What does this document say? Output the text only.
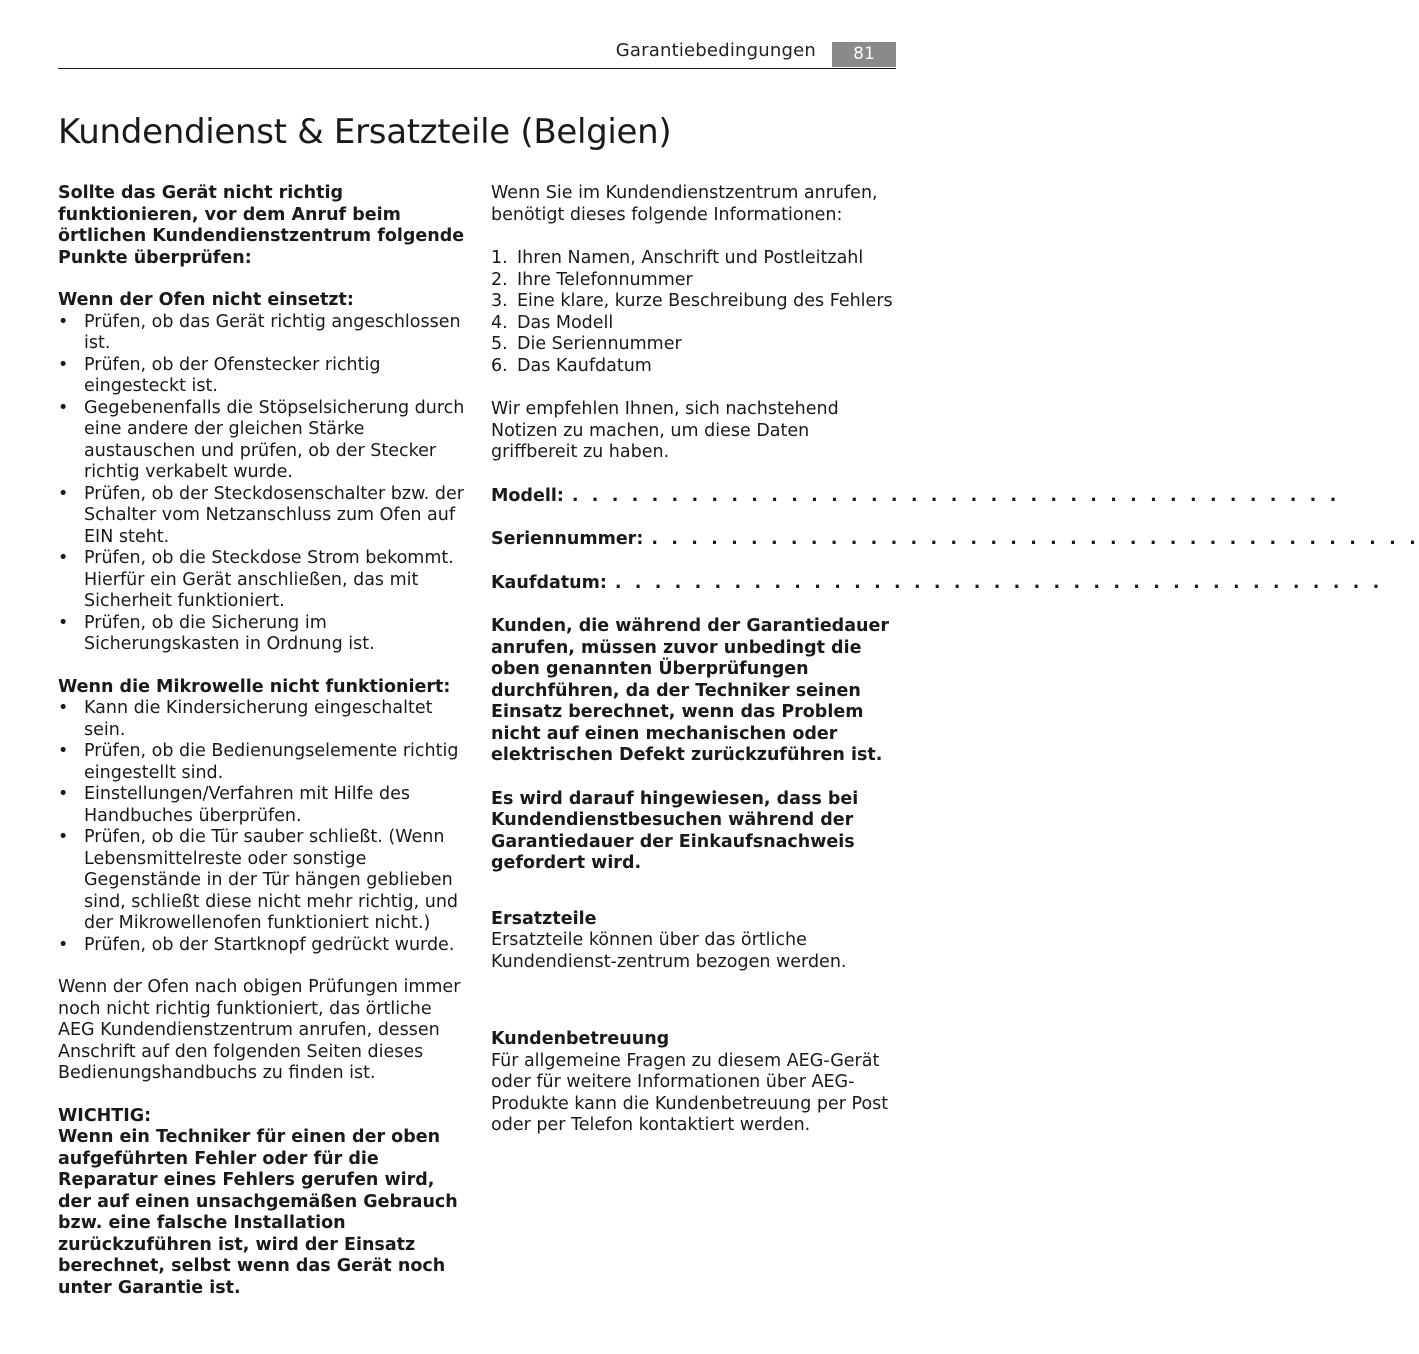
Garantiebedingungen	81
Kundendienst & Ersatzteile (Belgien)

Sollte das Gerät nicht richtig funktionieren, vor dem Anruf beim örtlichen Kundendienstzentrum folgende Punkte überprüfen:

Wenn der Ofen nicht einsetzt:

• Prüfen, ob das Gerät richtig angeschlossen ist.
• Prüfen, ob der Ofenstecker richtig eingesteckt ist.
• Gegebenenfalls die Stöpselsicherung durch eine andere der gleichen Stärke austauschen und prüfen, ob der Stecker richtig verkabelt wurde.
• Prüfen, ob der Steckdosenschalter bzw. der Schalter vom Netzanschluss zum Ofen auf EIN steht.
• Prüfen, ob die Steckdose Strom bekommt. Hierfür ein Gerät anschließen, das mit Sicherheit funktioniert.
• Prüfen, ob die Sicherung im Sicherungskasten in Ordnung ist.

Wenn die Mikrowelle nicht funktioniert:

• Kann die Kindersicherung eingeschaltet sein.
• Prüfen, ob die Bedienungselemente richtig eingestellt sind.
• Einstellungen/Verfahren mit Hilfe des Handbuches überprüfen.
• Prüfen, ob die Tür sauber schließt. (Wenn Lebensmittelreste oder sonstige Gegenstände in der Tür hängen geblieben sind, schließt diese nicht mehr richtig, und der Mikrowellenofen funktioniert nicht.)
• Prüfen, ob der Startknopf gedrückt wurde.

Wenn der Ofen nach obigen Prüfungen immer noch nicht richtig funktioniert, das örtliche AEG Kundendienstzentrum anrufen, dessen Anschrift auf den folgenden Seiten dieses Bedienungshandbuchs zu finden ist.

WICHTIG:

Wenn ein Techniker für einen der oben aufgeführten Fehler oder für die Reparatur eines Fehlers gerufen wird, der auf einen unsachgemäßen Gebrauch bzw. eine falsche Installation zurückzuführen ist, wird der Einsatz berechnet, selbst wenn das Gerät noch unter Garantie ist.

Wenn Sie im Kundendienstzentrum anrufen, benötigt dieses folgende Informationen:

1. Ihren Namen, Anschrift und Postleitzahl
2. Ihre Telefonnummer
3. Eine klare, kurze Beschreibung des Fehlers
4. Das Modell
5. Die Seriennummer
6. Das Kaufdatum

Wir empfehlen Ihnen, sich nachstehend Notizen zu machen, um diese Daten griffbereit zu haben.

Modell: . . . . . . . . . . . . . . . . . . . . . . . . . . . . . . . . . . . . . . .
Seriennummer: . . . . . . . . . . . . . . . . . . . . . . . . . . . . . . . . . . . . . . .
Kaufdatum: . . . . . . . . . . . . . . . . . . . . . . . . . . . . . . . . . . . . . . .

Kunden, die während der Garantiedauer anrufen, müssen zuvor unbedingt die oben genannten Überprüfungen durchführen, da der Techniker seinen Einsatz berechnet, wenn das Problem nicht auf einen mechanischen oder elektrischen Defekt zurückzuführen ist.

Es wird darauf hingewiesen, dass bei Kundendienstbesuchen während der Garantiedauer der Einkaufsnachweis gefordert wird.

Ersatzteile

Ersatzteile können über das örtliche Kundendienst-zentrum bezogen werden.

Kundenbetreuung

Für allgemeine Fragen zu diesem AEG-Gerät oder für weitere Informationen über AEG-Produkte kann die Kundenbetreuung per Post oder per Telefon kontaktiert werden.
